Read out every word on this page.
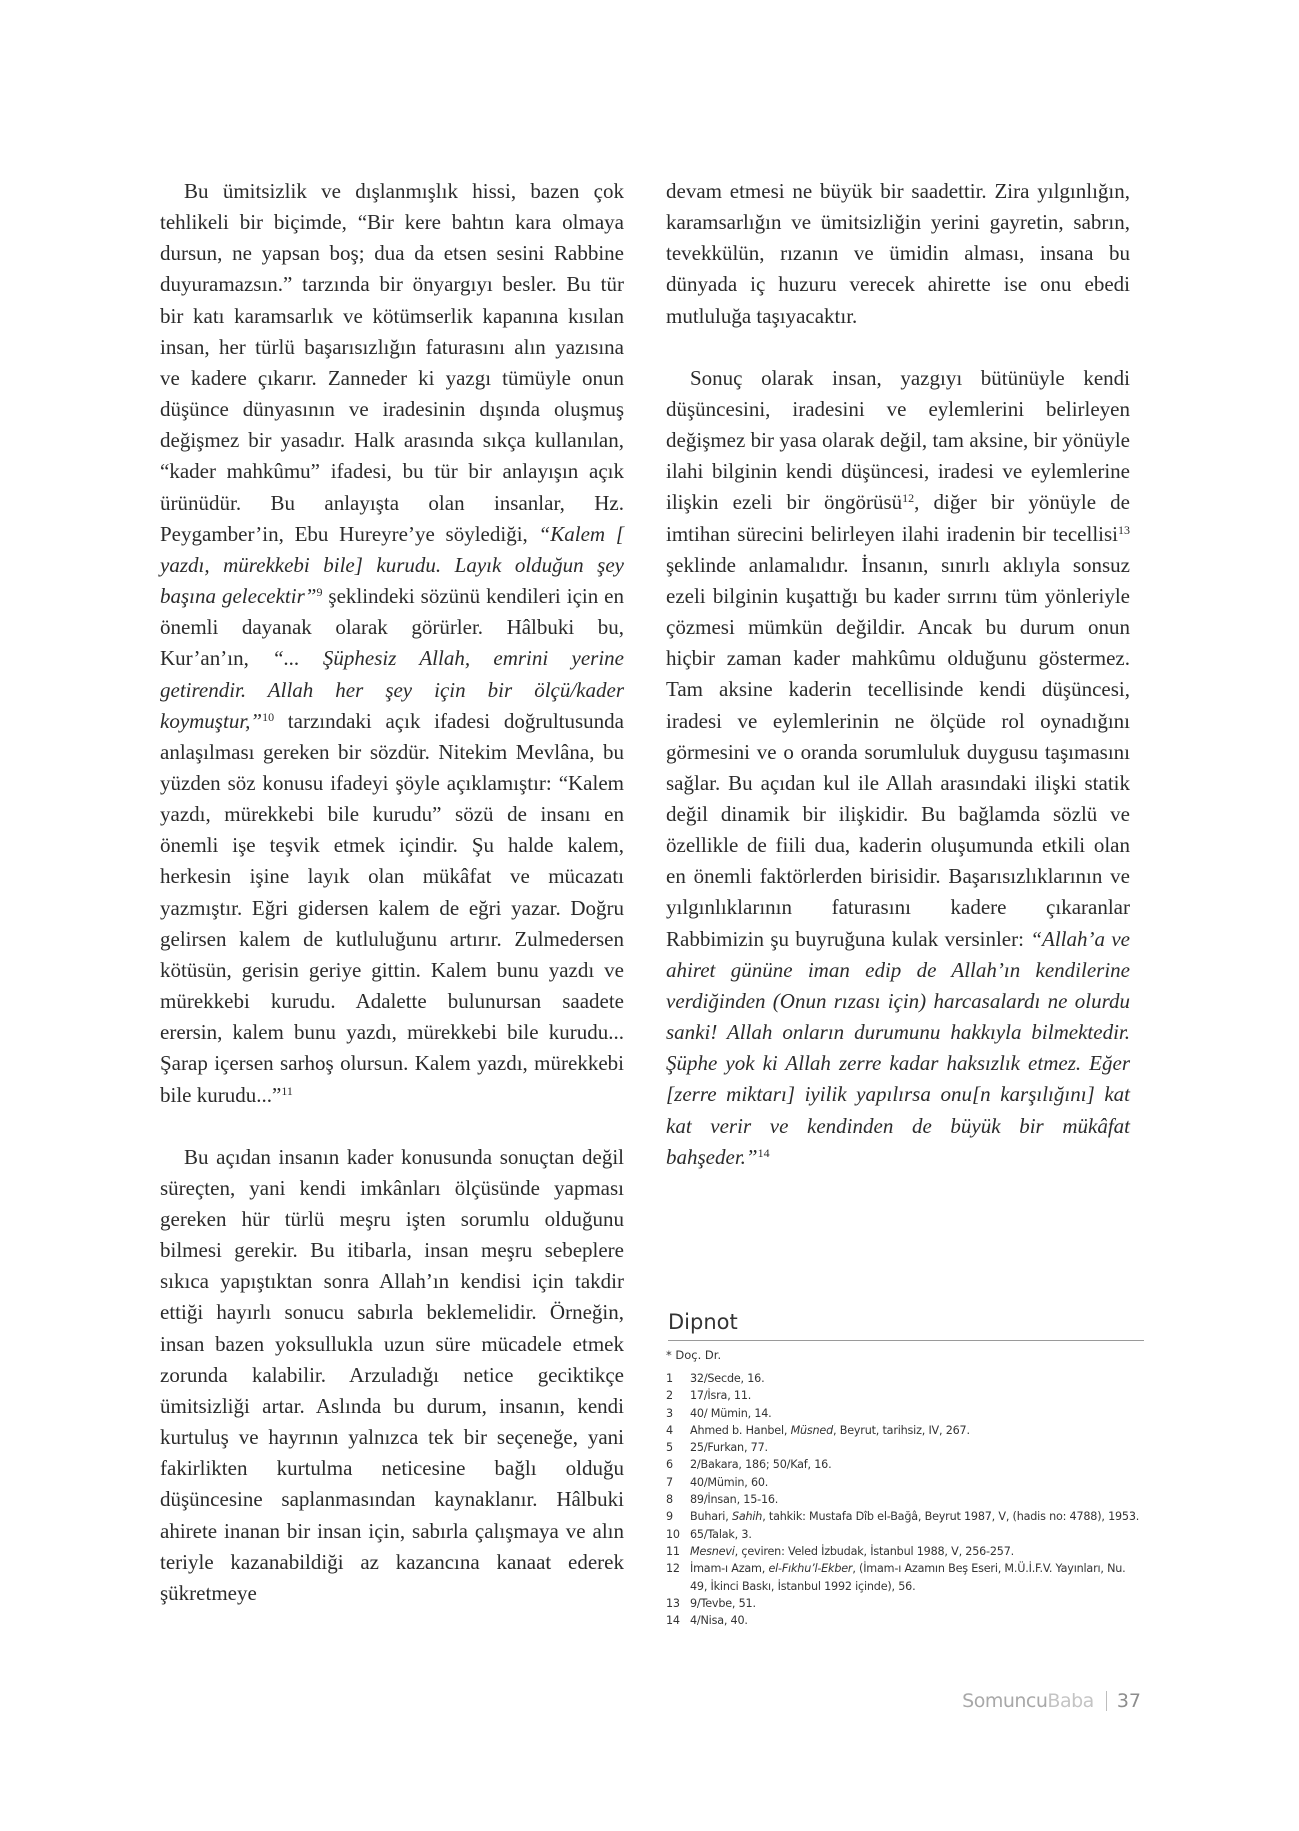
Bu ümitsizlik ve dışlanmışlık hissi, bazen çok tehlikeli bir biçimde, “Bir kere bahtın kara olmaya dursun, ne yapsan boş; dua da etsen sesini Rabbine duyuramazsın.” tarzında bir önyargıyı besler. Bu tür bir katı karamsarlık ve kötümserlik kapanına kısılan insan, her türlü başarısızlığın faturasını alın yazısına ve kadere çıkarır. Zanneder ki yazgı tümüyle onun düşünce dünyasının ve iradesinin dışında oluşmuş değişmez bir yasadır. Halk arasında sıkça kullanılan, “kader mahkûmu” ifadesi, bu tür bir anlayışın açık ürünüdür. Bu anlayışta olan insanlar, Hz. Peygamber’in, Ebu Hureyre’ye söylediği, “Kalem [ yazdı, mürekkebi bile] kurudu. Layık olduğun şey başına gelecektir”$^9$ şeklindeki sözünü kendileri için en önemli dayanak olarak görürler. Hâlbuki bu, Kur’an’ın, “... Şüphesiz Allah, emrini yerine getirendir. Allah her şey için bir ölçü/kader koymuştur,”$^{10}$ tarzındaki açık ifadesi doğrultusunda anlaşılması gereken bir sözdür. Nitekim Mevlâna, bu yüzden söz konusu ifadeyi şöyle açıklamıştır: “Kalem yazdı, mürekkebi bile kurudu” sözü de insanı en önemli işe teşvik etmek içindir. Şu halde kalem, herkesin işine layık olan mükâfat ve mücazatı yazmıştır. Eğri gidersen kalem de eğri yazar. Doğru gelirsen kalem de kutluluğunu artırır. Zulmedersen kötüsün, gerisin geriye gittin. Kalem bunu yazdı ve mürekkebi kurudu. Adalette bulunursan saadete erersin, kalem bunu yazdı, mürekkebi bile kurudu... Şarap içersen sarhoş olursun. Kalem yazdı, mürekkebi bile kurudu...”$^{11}$

Bu açıdan insanın kader konusunda sonuçtan değil süreçten, yani kendi imkânları ölçüsünde yapması gereken hür türlü meşru işten sorumlu olduğunu bilmesi gerekir. Bu itibarla, insan meşru sebeplere sıkıca yapıştıktan sonra Allah’ın kendisi için takdir ettiği hayırlı sonucu sabırla beklemelidir. Örneğin, insan bazen yoksullukla uzun süre mücadele etmek zorunda kalabilir. Arzuladığı netice geciktikçe ümitsizliği artar. Aslında bu durum, insanın, kendi kurtuluş ve hayrının yalnızca tek bir seçeneğe, yani fakirlikten kurtulma neticesine bağlı olduğu düşüncesine saplanmasından kaynaklanır. Hâlbuki ahirete inanan bir insan için, sabırla çalışmaya ve alın teriyle kazanabildiği az kazancına kanaat ederek şükretmeye

devam etmesi ne büyük bir saadettir. Zira yılgınlığın, karamsarlığın ve ümitsizliğin yerini gayretin, sabrın, tevekkülün, rızanın ve ümidin alması, insana bu dünyada iç huzuru verecek ahirette ise onu ebedi mutluluğa taşıyacaktır.

Sonuç olarak insan, yazgıyı bütünüyle kendi düşüncesini, iradesini ve eylemlerini belirleyen değişmez bir yasa olarak değil, tam aksine, bir yönüyle ilahi bilginin kendi düşüncesi, iradesi ve eylemlerine ilişkin ezeli bir öngörüsü$^{12}$, diğer bir yönüyle de imtihan sürecini belirleyen ilahi iradenin bir tecellisi$^{13}$ şeklinde anlamalıdır. İnsanın, sınırlı aklıyla sonsuz ezeli bilginin kuşattığı bu kader sırrını tüm yönleriyle çözmesi mümkün değildir. Ancak bu durum onun hiçbir zaman kader mahkûmu olduğunu göstermez. Tam aksine kaderin tecellisinde kendi düşüncesi, iradesi ve eylemlerinin ne ölçüde rol oynadığını görmesini ve o oranda sorumluluk duygusu taşımasını sağlar. Bu açıdan kul ile Allah arasındaki ilişki statik değil dinamik bir ilişkidir. Bu bağlamda sözlü ve özellikle de fiili dua, kaderin oluşumunda etkili olan en önemli faktörlerden birisidir. Başarısızlıklarının ve yılgınlıklarının faturasını kadere çıkaranlar Rabbimizin şu buyruğuna kulak versinler: “Allah’a ve ahiret gününe iman edip de Allah’ın kendilerine verdiğinden (Onun rızası için) harcasalardı ne olurdu sanki! Allah onların durumunu hakkıyla bilmektedir. Şüphe yok ki Allah zerre kadar haksızlık etmez. Eğer [zerre miktarı] iyilik yapılırsa onu[n karşılığını] kat kat verir ve kendinden de büyük bir mükâfat bahşeder.”$^{14}$

Dipnot
* Doç. Dr.
1	32/Secde, 16.
2	17/İsra, 11.
3	40/ Mümin, 14.
4	Ahmed b. Hanbel, Müsned, Beyrut, tarihsiz, IV, 267.
5	25/Furkan, 77.
6	2/Bakara, 186; 50/Kaf, 16.
7	40/Mümin, 60.
8	89/İnsan, 15-16.
9	Buhari, Sahih, tahkik: Mustafa Dîb el-Bağâ, Beyrut 1987, V, (hadis no: 4788), 1953.
10 65/Talak, 3.
11 Mesnevi, çeviren: Veled İzbudak, İstanbul 1988, V, 256-257.
12 İmam-ı Azam, el-Fıkhu’l-Ekber, (İmam-ı Azamın Beş Eseri, M.Ü.İ.F.V. Yayınları, Nu. 49, İkinci Baskı, İstanbul 1992 içinde), 56.
13 9/Tevbe, 51.
14 4/Nisa, 40.
Somuncu Baba 37
